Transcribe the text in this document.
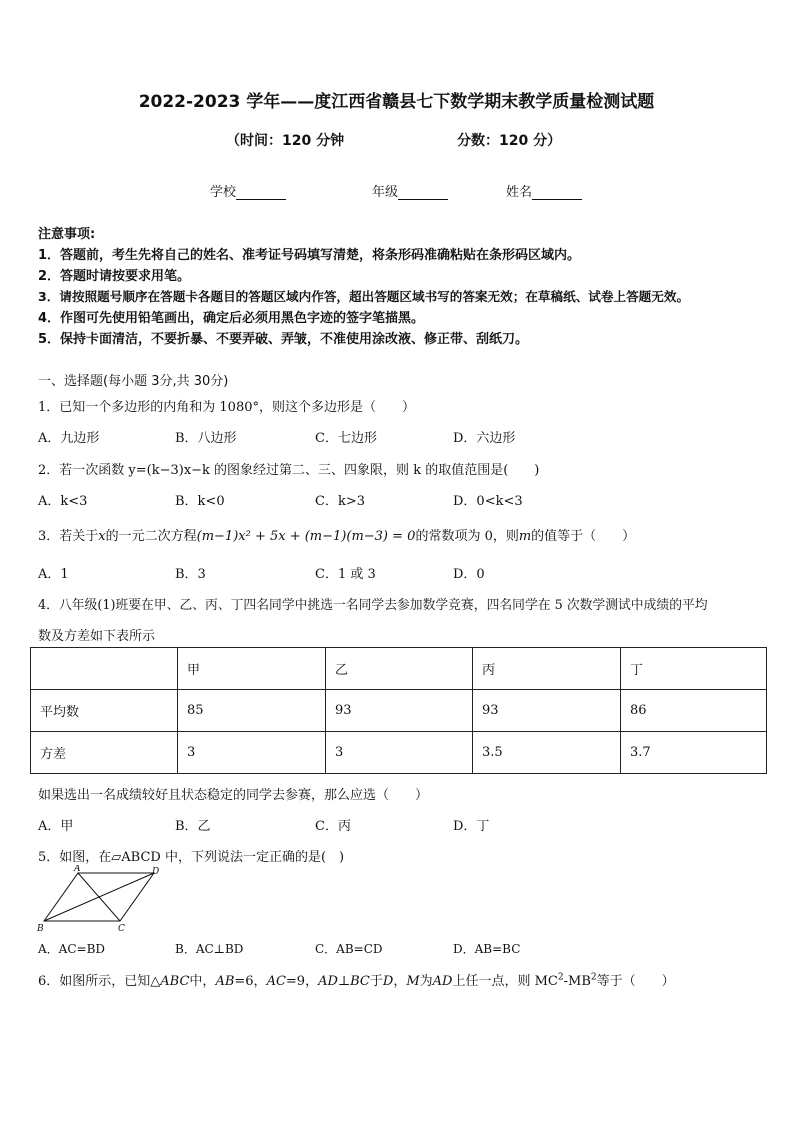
2022-2023 学年——度江西省赣县七下数学期末教学质量检测试题
（时间：120 分钟	分数：120 分）
学校	年级	姓名
注意事项:
1．答题前，考生先将自己的姓名、准考证号码填写清楚，将条形码准确粘贴在条形码区域内。
2．答题时请按要求用笔。
3．请按照题号顺序在答题卡各题目的答题区域内作答，超出答题区域书写的答案无效；在草稿纸、试卷上答题无效。
4．作图可先使用铅笔画出，确定后必须用黑色字迹的签字笔描黑。
5．保持卡面清洁，不要折暴、不要弄破、弄皱，不准使用涂改液、修正带、刮纸刀。
一、选择题(每小题 3分,共 30分)
1．已知一个多边形的内角和为 1080°，则这个多边形是（　　）
A．九边形	B．八边形	C．七边形	D．六边形
2．若一次函数 y=(k−3)x−k 的图象经过第二、三、四象限，则 k 的取值范围是(　　)
A．k<3	B．k<0	C．k>3	D．0<k<3
3．若关于x的一元二次方程(m−1)x² + 5x + (m−1)(m−3) = 0的常数项为 0，则m的值等于（　　）
A．1	B．3	C．1 或 3	D．0
4．八年级(1)班要在甲、乙、丙、丁四名同学中挑选一名同学去参加数学竞赛，四名同学在 5 次数学测试中成绩的平均
数及方差如下表所示
	甲	乙	丙	丁
平均数	85	93	93	86
方差	3	3	3.5	3.7
如果选出一名成绩较好且状态稳定的同学去参赛，那么应选（　　）
A．甲	B．乙	C．丙	D．丁
5．如图，在▱ABCD 中，下列说法一定正确的是(　)
A	D
B	C
A．AC=BD	B．AC⊥BD	C．AB=CD	D．AB=BC
6．如图所示，已知△ABC中，AB=6，AC=9，AD⊥BC于D，M为AD上任一点，则 $MC^2-MB^2$等于（　　）
